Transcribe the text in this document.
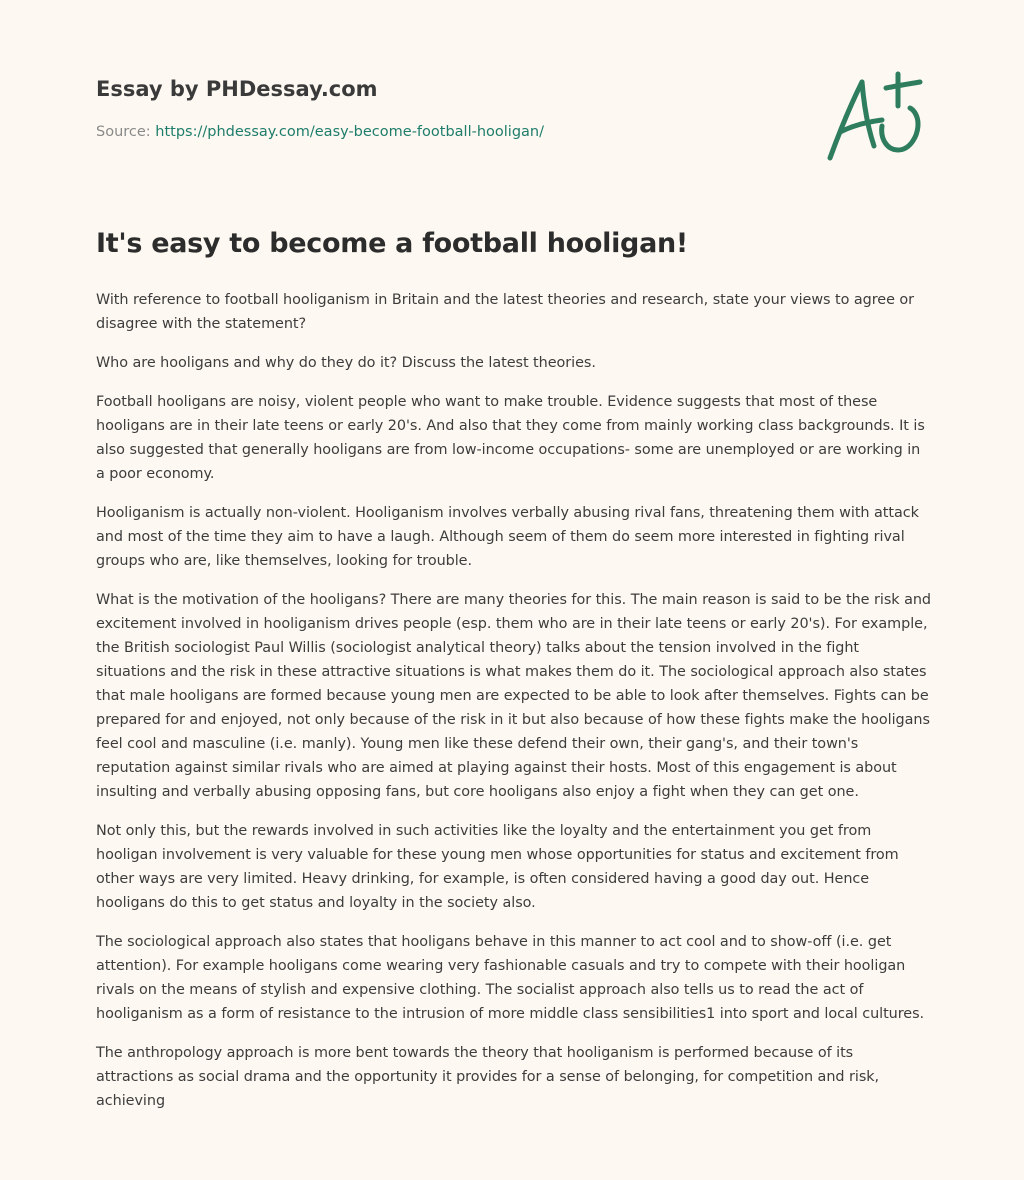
Essay by PHDessay.com
Source: https://phdessay.com/easy-become-football-hooligan/
It's easy to become a football hooligan!

With reference to football hooliganism in Britain and the latest theories and research, state your views to agree or disagree with the statement?

Who are hooligans and why do they do it? Discuss the latest theories.

Football hooligans are noisy, violent people who want to make trouble. Evidence suggests that most of these hooligans are in their late teens or early 20's. And also that they come from mainly working class backgrounds. It is also suggested that generally hooligans are from low-income occupations- some are unemployed or are working in a poor economy.

Hooliganism is actually non-violent. Hooliganism involves verbally abusing rival fans, threatening them with attack and most of the time they aim to have a laugh. Although seem of them do seem more interested in fighting rival groups who are, like themselves, looking for trouble.

What is the motivation of the hooligans? There are many theories for this. The main reason is said to be the risk and excitement involved in hooliganism drives people (esp. them who are in their late teens or early 20's). For example, the British sociologist Paul Willis (sociologist analytical theory) talks about the tension involved in the fight situations and the risk in these attractive situations is what makes them do it. The sociological approach also states that male hooligans are formed because young men are expected to be able to look after themselves. Fights can be prepared for and enjoyed, not only because of the risk in it but also because of how these fights make the hooligans feel cool and masculine (i.e. manly). Young men like these defend their own, their gang's, and their town's reputation against similar rivals who are aimed at playing against their hosts. Most of this engagement is about insulting and verbally abusing opposing fans, but core hooligans also enjoy a fight when they can get one.

Not only this, but the rewards involved in such activities like the loyalty and the entertainment you get from hooligan involvement is very valuable for these young men whose opportunities for status and excitement from other ways are very limited. Heavy drinking, for example, is often considered having a good day out. Hence hooligans do this to get status and loyalty in the society also.

The sociological approach also states that hooligans behave in this manner to act cool and to show-off (i.e. get attention). For example hooligans come wearing very fashionable casuals and try to compete with their hooligan rivals on the means of stylish and expensive clothing. The socialist approach also tells us to read the act of hooliganism as a form of resistance to the intrusion of more middle class sensibilities1 into sport and local cultures.

The anthropology approach is more bent towards the theory that hooliganism is performed because of its attractions as social drama and the opportunity it provides for a sense of belonging, for competition and risk, achieving
